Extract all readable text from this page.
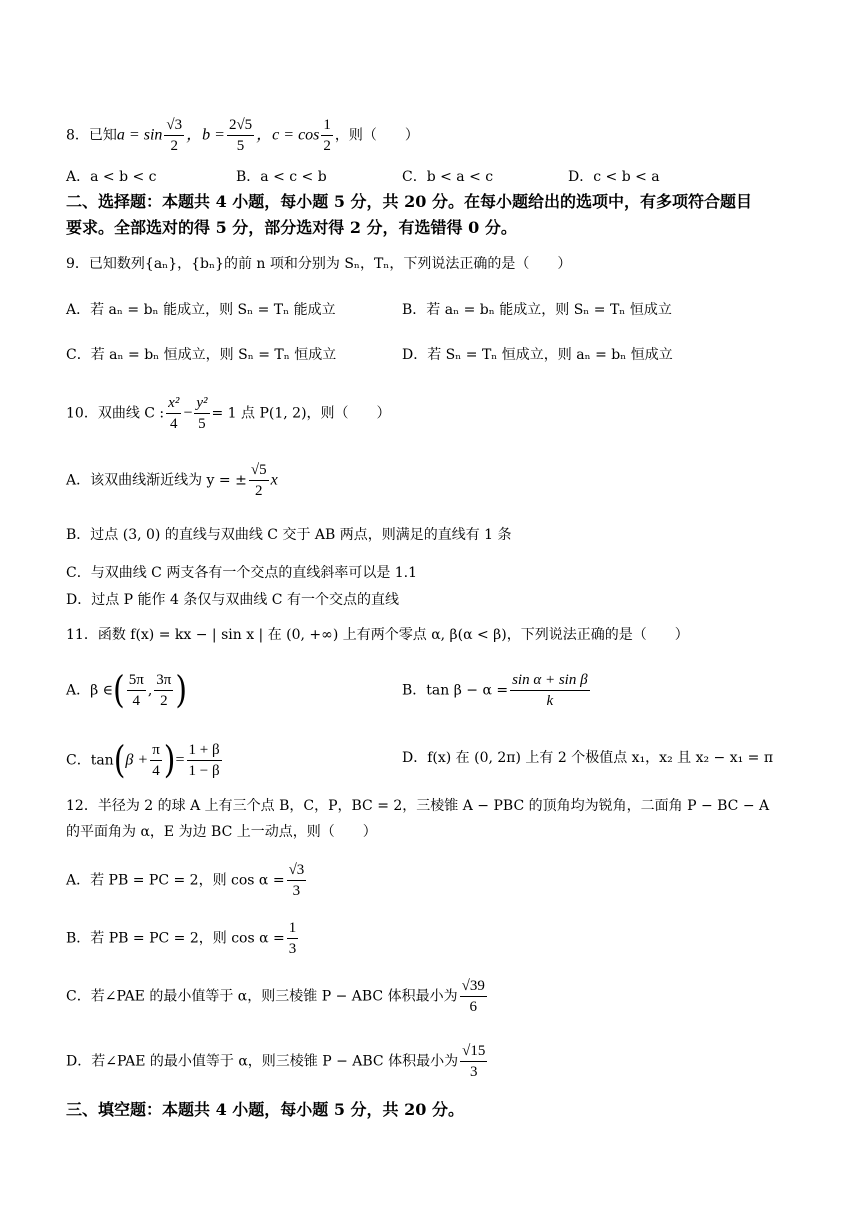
8．已知$a = \sin \frac{√3}{2}$ ，$b = \frac{2√5}{5}$ ，$c = \cos \frac{1}{2}$ ，则（　　）
A．a < b < c	B．a < c < b	C．b < a < c	D．c < b < a
二、选择题：本题共 4 小题，每小题 5 分，共 20 分。在每小题给出的选项中，有多项符合题目
要求。全部选对的得 5 分，部分选对得 2 分，有选错得 0 分。
9．已知数列{aₙ}，{bₙ}的前 n 项和分别为 Sₙ，Tₙ，下列说法正确的是（　　）
A．若 aₙ = bₙ 能成立，则 Sₙ = Tₙ 能成立	B．若 aₙ = bₙ 能成立，则 Sₙ = Tₙ 恒成立
C．若 aₙ = bₙ 恒成立，则 Sₙ = Tₙ 恒成立	D．若 Sₙ = Tₙ 恒成立，则 aₙ = bₙ 恒成立
10．双曲线 C : $\frac{\text{x²}}{4} - \frac{\text{y²}}{5} = 1$ 点 P(1, 2)，则（　　）
A．该双曲线渐近线为 y = ± $\frac{√5}{2}$ x
B．过点 (3, 0) 的直线与双曲线 C 交于 AB 两点，则满足的直线有 1 条
C．与双曲线 C 两支各有一个交点的直线斜率可以是 1.1
D．过点 P 能作 4 条仅与双曲线 C 有一个交点的直线
11．函数 f(x) = kx − | sin x | 在 (0, +∞) 上有两个零点 α, β(α < β)，下列说法正确的是（　　）
A．β ∈( $\frac{5\pi}{4}$ , $\frac{3\pi}{2}$ )	B．$\tan \beta - \alpha = \frac{\text{sin α + sin β}}{k}$
C．$\tan(\beta + \frac{\pi}{4}$ )= $\frac{1 + \beta}{1 - \beta}$	D．f(x) 在 (0, 2π) 上有 2 个极值点 x₁，x₂ 且 x₂ − x₁ = π
12．半径为 2 的球 A 上有三个点 B，C，P，BC = 2，三棱锥 A − PBC 的顶角均为锐角，二面角 P − BC − A
的平面角为 α，E 为边 BC 上一动点，则（　　）
A．若 PB = PC = 2，则 $\cos \alpha = \frac{√3}{3}$
B．若 PB = PC = 2，则 $\cos \alpha = \frac{1}{3}$
C．若∠PAE 的最小值等于 α，则三棱锥 P − ABC 体积最小为 $\frac{√39}{6}$
D．若∠PAE 的最小值等于 α，则三棱锥 P − ABC 体积最小为 $\frac{√15}{3}$
三、填空题：本题共 4 小题，每小题 5 分，共 20 分。
